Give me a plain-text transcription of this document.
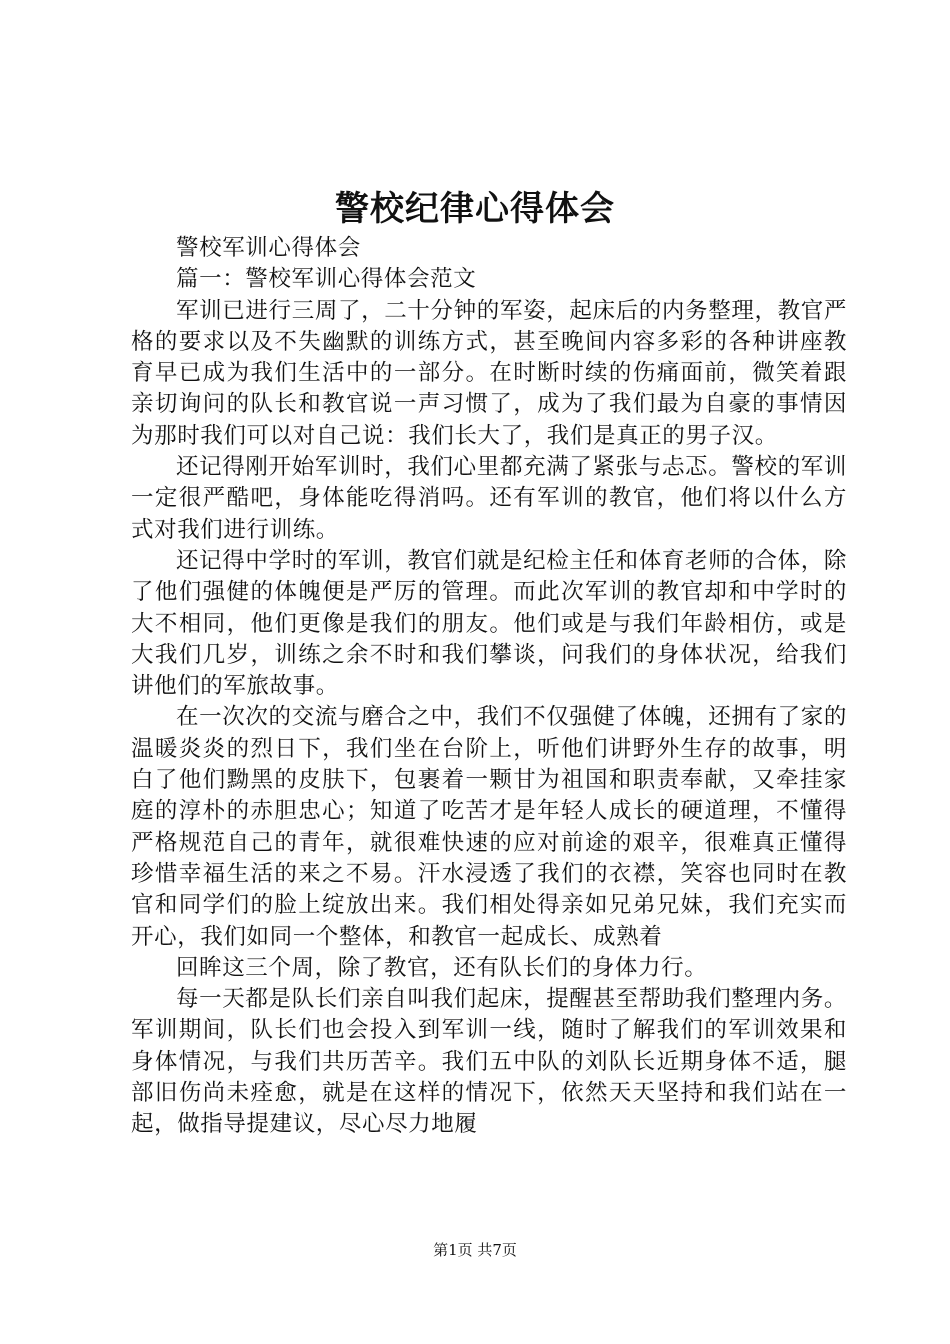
警校纪律心得体会

警校军训心得体会

篇一：警校军训心得体会范文

军训已进行三周了，二十分钟的军姿，起床后的内务整理，教官严格的要求以及不失幽默的训练方式，甚至晚间内容多彩的各种讲座教育早已成为我们生活中的一部分。在时断时续的伤痛面前，微笑着跟亲切询问的队长和教官说一声习惯了，成为了我们最为自豪的事情因为那时我们可以对自己说：我们长大了，我们是真正的男子汉。

还记得刚开始军训时，我们心里都充满了紧张与忐忑。警校的军训一定很严酷吧，身体能吃得消吗。还有军训的教官，他们将以什么方式对我们进行训练。

还记得中学时的军训，教官们就是纪检主任和体育老师的合体，除了他们强健的体魄便是严厉的管理。而此次军训的教官却和中学时的大不相同，他们更像是我们的朋友。他们或是与我们年龄相仿，或是大我们几岁，训练之余不时和我们攀谈，问我们的身体状况，给我们讲他们的军旅故事。

在一次次的交流与磨合之中，我们不仅强健了体魄，还拥有了家的温暖炎炎的烈日下，我们坐在台阶上，听他们讲野外生存的故事，明白了他们黝黑的皮肤下，包裹着一颗甘为祖国和职责奉献，又牵挂家庭的淳朴的赤胆忠心；知道了吃苦才是年轻人成长的硬道理，不懂得严格规范自己的青年，就很难快速的应对前途的艰辛，很难真正懂得珍惜幸福生活的来之不易。汗水浸透了我们的衣襟，笑容也同时在教官和同学们的脸上绽放出来。我们相处得亲如兄弟兄妹，我们充实而开心，我们如同一个整体，和教官一起成长、成熟着

回眸这三个周，除了教官，还有队长们的身体力行。

每一天都是队长们亲自叫我们起床，提醒甚至帮助我们整理内务。军训期间，队长们也会投入到军训一线，随时了解我们的军训效果和身体情况，与我们共历苦辛。我们五中队的刘队长近期身体不适，腿部旧伤尚未痊愈，就是在这样的情况下，依然天天坚持和我们站在一起，做指导提建议，尽心尽力地履

第1页 共7页
